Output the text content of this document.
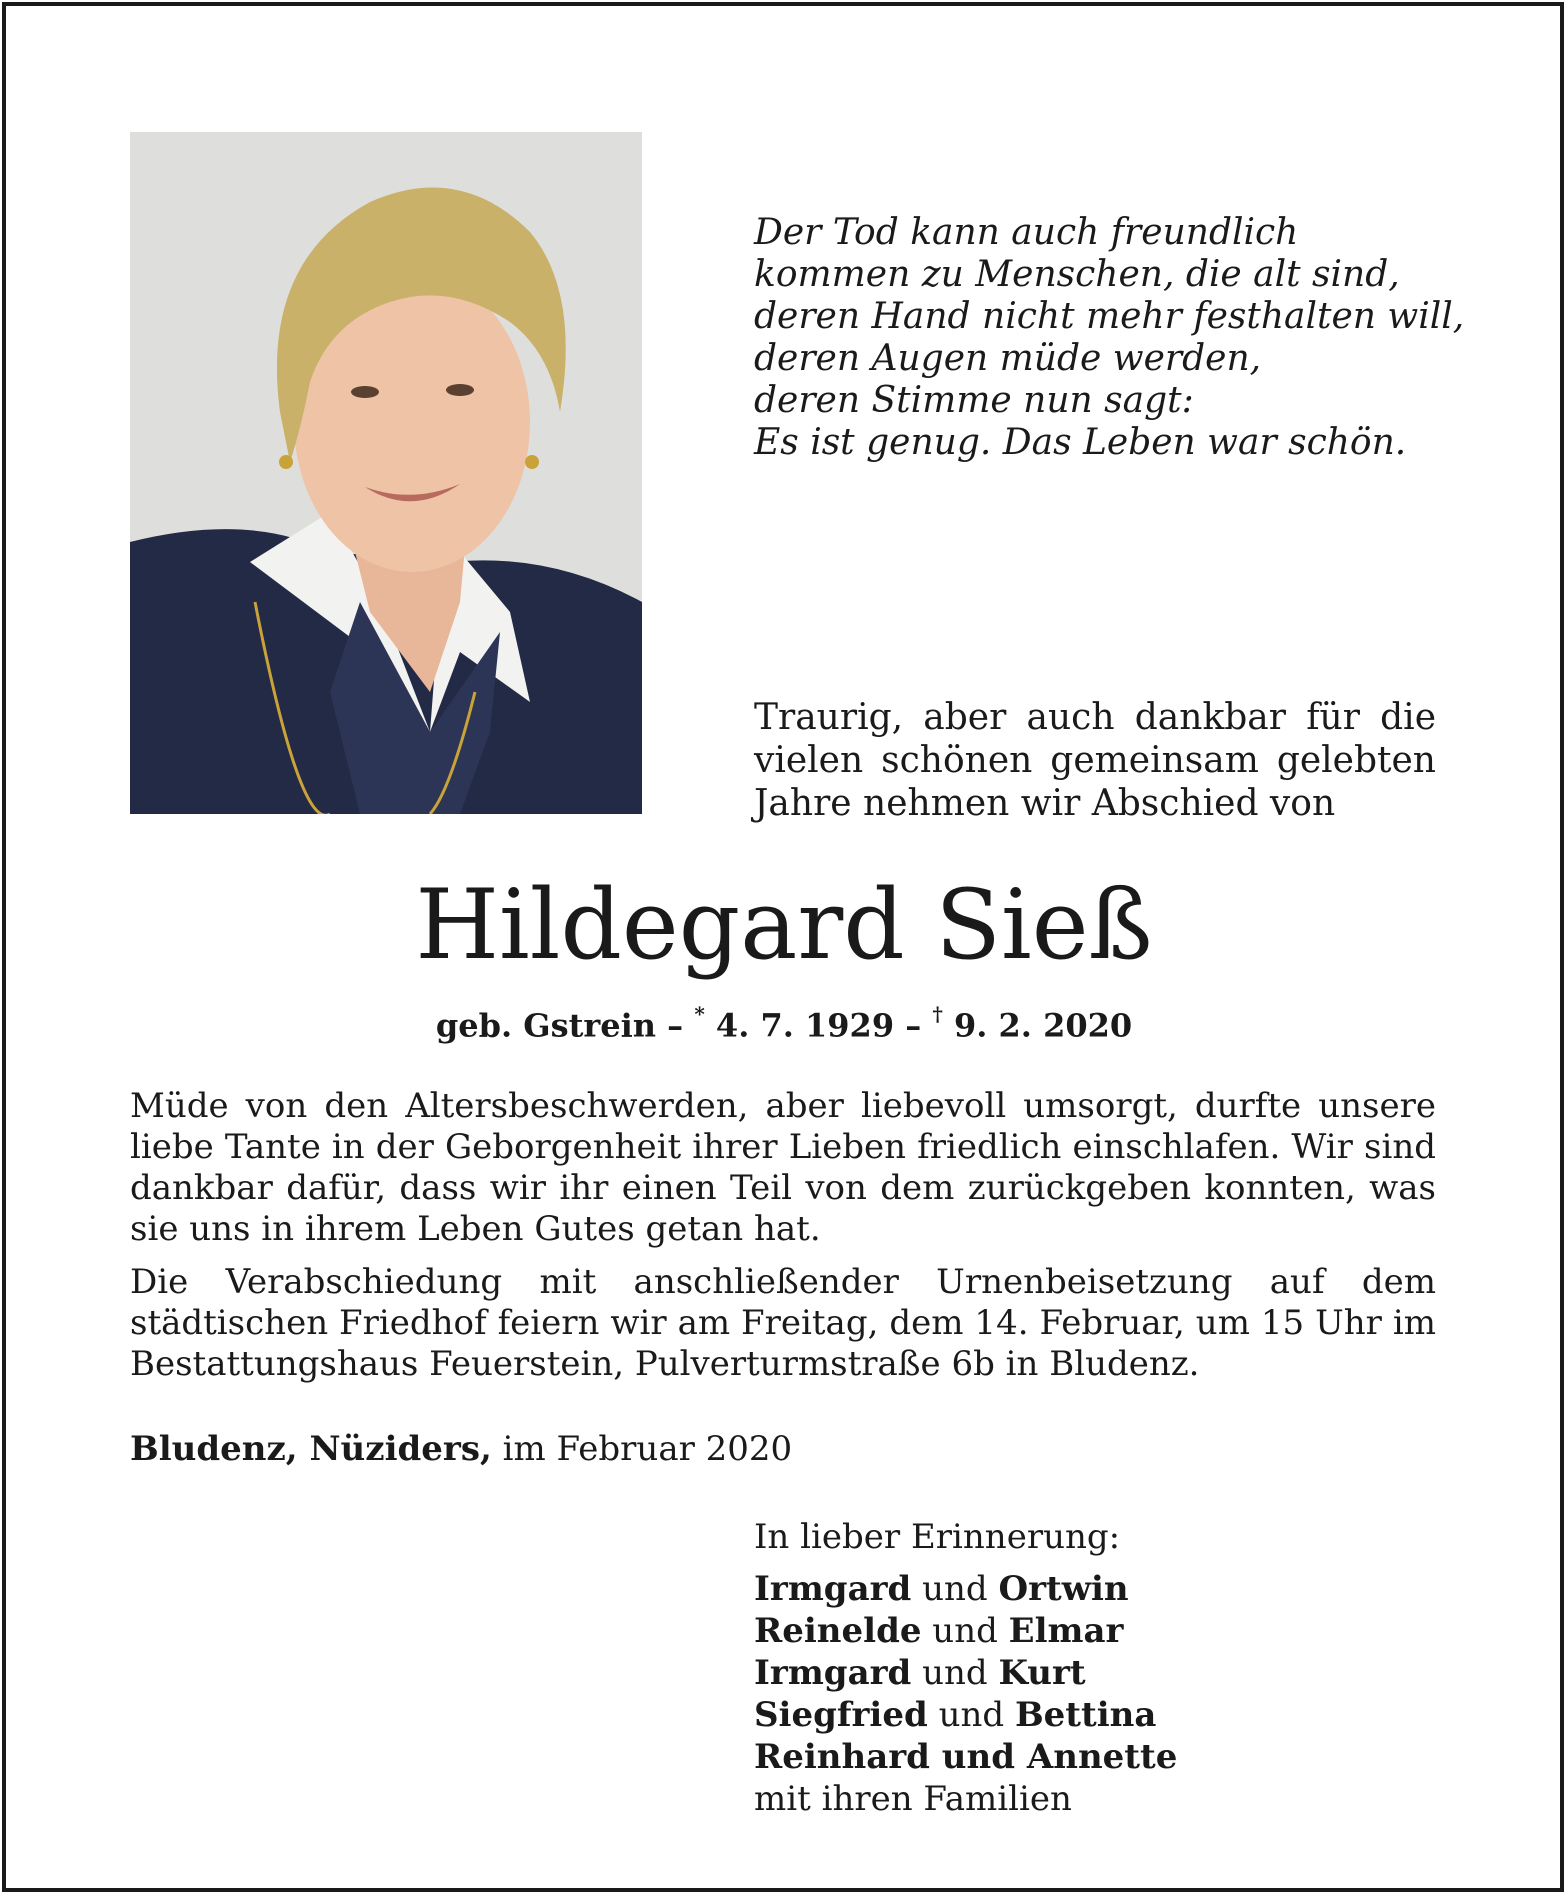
Der Tod kann auch freundlich
kommen zu Menschen, die alt sind,
deren Hand nicht mehr festhalten will,
deren Augen müde werden,
deren Stimme nun sagt:
Es ist genug. Das Leben war schön.
Traurig, aber auch dankbar für die vielen schönen gemeinsam gelebten Jahre nehmen wir Abschied von
Hildegard Sieß
geb. Gstrein – * 4. 7. 1929 – † 9. 2. 2020
Müde von den Altersbeschwerden, aber liebevoll umsorgt, durfte unsere liebe Tante in der Geborgenheit ihrer Lieben friedlich einschlafen. Wir sind dankbar dafür, dass wir ihr einen Teil von dem zurückgeben konnten, was sie uns in ihrem Leben Gutes getan hat.
Die Verabschiedung mit anschließender Urnenbeisetzung auf dem städtischen Friedhof feiern wir am Freitag, dem 14. Februar, um 15 Uhr im Bestattungshaus Feuerstein, Pulverturmstraße 6b in Bludenz.
Bludenz, Nüziders, im Februar 2020
In lieber Erinnerung:
Irmgard und Ortwin
Reinelde und Elmar
Irmgard und Kurt
Siegfried und Bettina
Reinhard und Annette
mit ihren Familien
